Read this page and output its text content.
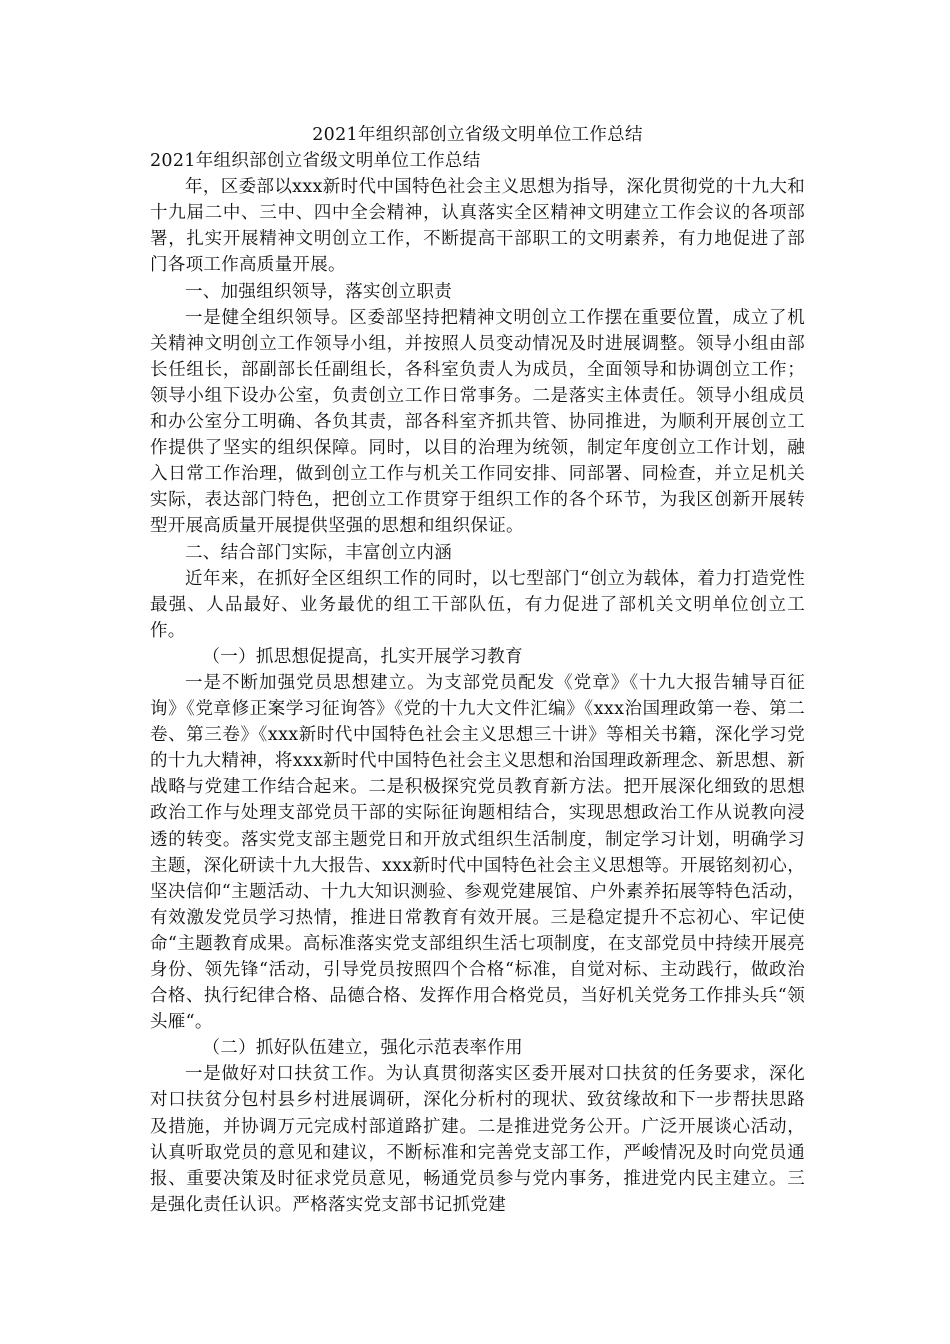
2021年组织部创立省级文明单位工作总结

2021年组织部创立省级文明单位工作总结

年，区委部以xxx新时代中国特色社会主义思想为指导，深化贯彻党的十九大和十九届二中、三中、四中全会精神，认真落实全区精神文明建立工作会议的各项部署，扎实开展精神文明创立工作，不断提高干部职工的文明素养，有力地促进了部门各项工作高质量开展。

一、加强组织领导，落实创立职责

一是健全组织领导。区委部坚持把精神文明创立工作摆在重要位置，成立了机关精神文明创立工作领导小组，并按照人员变动情况及时进展调整。领导小组由部长任组长，部副部长任副组长，各科室负责人为成员，全面领导和协调创立工作；领导小组下设办公室，负责创立工作日常事务。二是落实主体责任。领导小组成员和办公室分工明确、各负其责，部各科室齐抓共管、协同推进，为顺利开展创立工作提供了坚实的组织保障。同时，以目的治理为统领，制定年度创立工作计划，融入日常工作治理，做到创立工作与机关工作同安排、同部署、同检查，并立足机关实际，表达部门特色，把创立工作贯穿于组织工作的各个环节，为我区创新开展转型开展高质量开展提供坚强的思想和组织保证。

二、结合部门实际，丰富创立内涵

近年来，在抓好全区组织工作的同时，以七型部门“创立为载体，着力打造党性最强、人品最好、业务最优的组工干部队伍，有力促进了部机关文明单位创立工作。

（一）抓思想促提高，扎实开展学习教育

一是不断加强党员思想建立。为支部党员配发《党章》《十九大报告辅导百征询》《党章修正案学习征询答》《党的十九大文件汇编》《xxx治国理政第一卷、第二卷、第三卷》《xxx新时代中国特色社会主义思想三十讲》等相关书籍，深化学习党的十九大精神，将xxx新时代中国特色社会主义思想和治国理政新理念、新思想、新战略与党建工作结合起来。二是积极探究党员教育新方法。把开展深化细致的思想政治工作与处理支部党员干部的实际征询题相结合，实现思想政治工作从说教向浸透的转变。落实党支部主题党日和开放式组织生活制度，制定学习计划，明确学习主题，深化研读十九大报告、xxx新时代中国特色社会主义思想等。开展铭刻初心，坚决信仰“主题活动、十九大知识测验、参观党建展馆、户外素养拓展等特色活动，有效激发党员学习热情，推进日常教育有效开展。三是稳定提升不忘初心、牢记使命“主题教育成果。高标准落实党支部组织生活七项制度，在支部党员中持续开展亮身份、领先锋“活动，引导党员按照四个合格“标准，自觉对标、主动践行，做政治合格、执行纪律合格、品德合格、发挥作用合格党员，当好机关党务工作排头兵“领头雁“。

（二）抓好队伍建立，强化示范表率作用

一是做好对口扶贫工作。为认真贯彻落实区委开展对口扶贫的任务要求，深化对口扶贫分包村县乡村进展调研，深化分析村的现状、致贫缘故和下一步帮扶思路及措施，并协调万元完成村部道路扩建。二是推进党务公开。广泛开展谈心活动，认真听取党员的意见和建议，不断标准和完善党支部工作，严峻情况及时向党员通报、重要决策及时征求党员意见，畅通党员参与党内事务，推进党内民主建立。三是强化责任认识。严格落实党支部书记抓党建
